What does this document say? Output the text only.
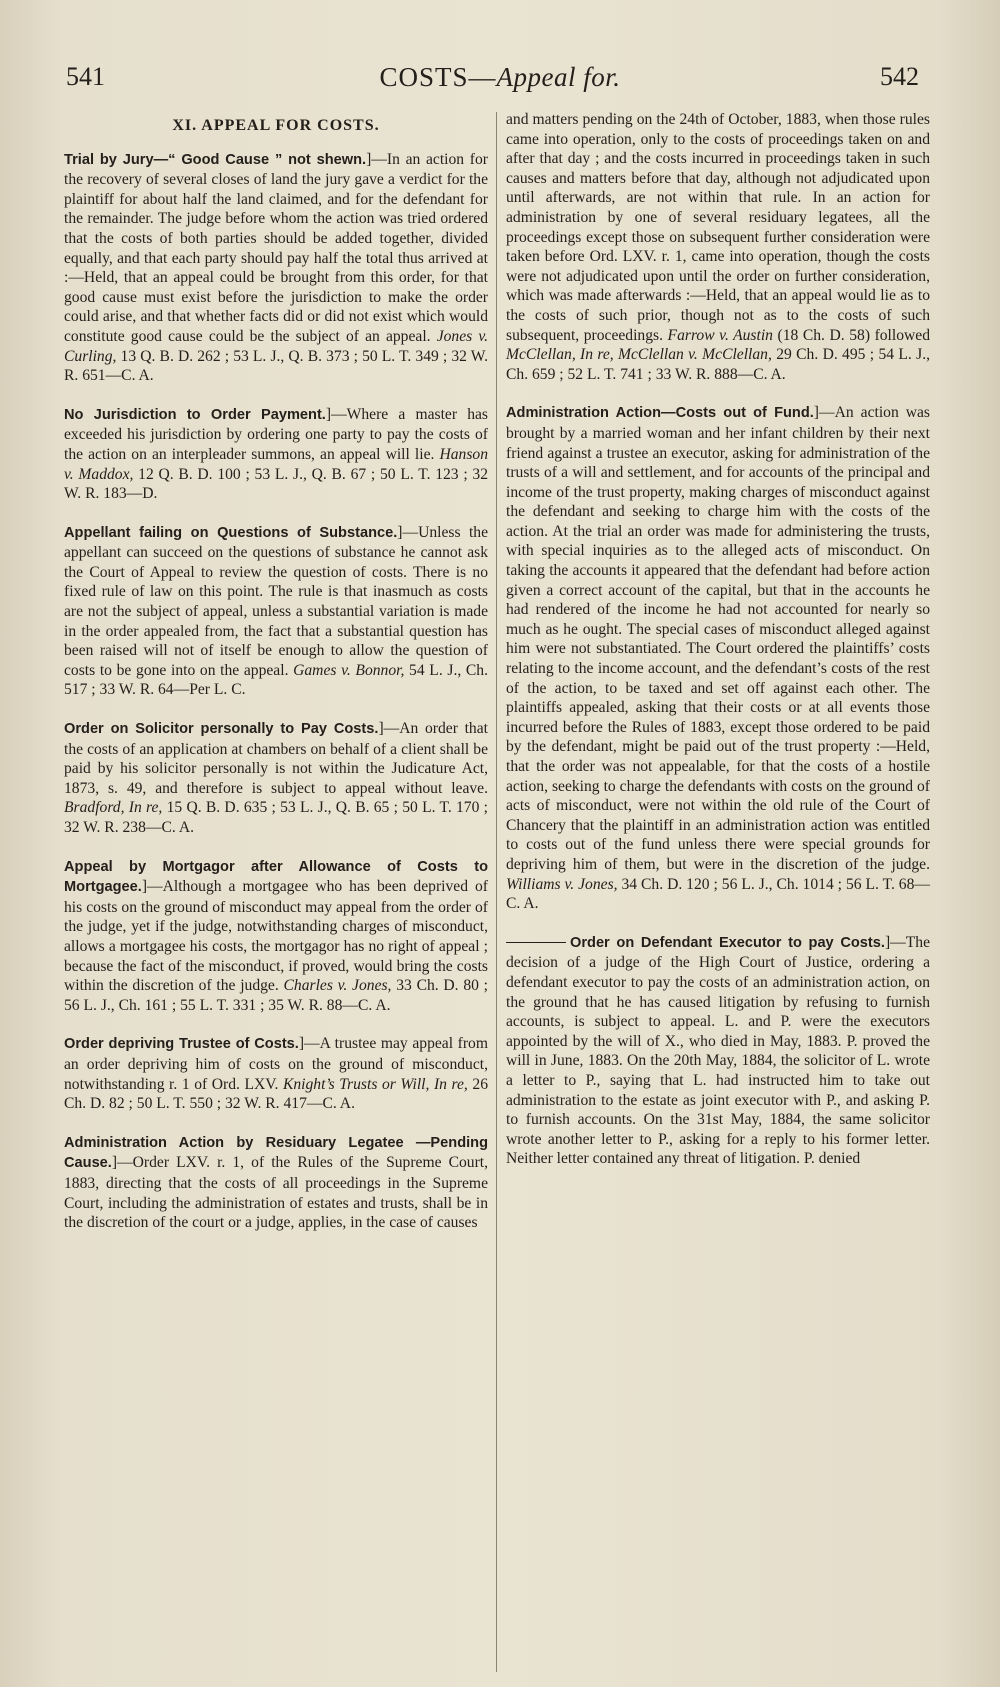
541	COSTS—Appeal for.	542
XI. APPEAL FOR COSTS.
Trial by Jury—“ Good Cause ” not shewn.]—In an action for the recovery of several closes of land the jury gave a verdict for the plaintiff for about half the land claimed, and for the defendant for the remainder. The judge before whom the action was tried ordered that the costs of both parties should be added together, divided equally, and that each party should pay half the total thus arrived at :—Held, that an appeal could be brought from this order, for that good cause must exist before the jurisdiction to make the order could arise, and that whether facts did or did not exist which would constitute good cause could be the subject of an appeal. Jones v. Curling, 13 Q. B. D. 262 ; 53 L. J., Q. B. 373 ; 50 L. T. 349 ; 32 W. R. 651—C. A.
No Jurisdiction to Order Payment.]—Where a master has exceeded his jurisdiction by ordering one party to pay the costs of the action on an interpleader summons, an appeal will lie. Hanson v. Maddox, 12 Q. B. D. 100 ; 53 L. J., Q. B. 67 ; 50 L. T. 123 ; 32 W. R. 183—D.
Appellant failing on Questions of Substance.]—Unless the appellant can succeed on the questions of substance he cannot ask the Court of Appeal to review the question of costs. There is no fixed rule of law on this point. The rule is that inasmuch as costs are not the subject of appeal, unless a substantial variation is made in the order appealed from, the fact that a substantial question has been raised will not of itself be enough to allow the question of costs to be gone into on the appeal. Games v. Bonnor, 54 L. J., Ch. 517 ; 33 W. R. 64—Per L. C.
Order on Solicitor personally to Pay Costs.]—An order that the costs of an application at chambers on behalf of a client shall be paid by his solicitor personally is not within the Judicature Act, 1873, s. 49, and therefore is subject to appeal without leave. Bradford, In re, 15 Q. B. D. 635 ; 53 L. J., Q. B. 65 ; 50 L. T. 170 ; 32 W. R. 238—C. A.
Appeal by Mortgagor after Allowance of Costs to Mortgagee.]—Although a mortgagee who has been deprived of his costs on the ground of misconduct may appeal from the order of the judge, yet if the judge, notwithstanding charges of misconduct, allows a mortgagee his costs, the mortgagor has no right of appeal ; because the fact of the misconduct, if proved, would bring the costs within the discretion of the judge. Charles v. Jones, 33 Ch. D. 80 ; 56 L. J., Ch. 161 ; 55 L. T. 331 ; 35 W. R. 88—C. A.
Order depriving Trustee of Costs.]—A trustee may appeal from an order depriving him of costs on the ground of misconduct, notwithstanding r. 1 of Ord. LXV. Knight’s Trusts or Will, In re, 26 Ch. D. 82 ; 50 L. T. 550 ; 32 W. R. 417—C. A.
Administration Action by Residuary Legatee —Pending Cause.]—Order LXV. r. 1, of the Rules of the Supreme Court, 1883, directing that the costs of all proceedings in the Supreme Court, including the administration of estates and trusts, shall be in the discretion of the court or a judge, applies, in the case of causes
and matters pending on the 24th of October, 1883, when those rules came into operation, only to the costs of proceedings taken on and after that day ; and the costs incurred in proceedings taken in such causes and matters before that day, although not adjudicated upon until afterwards, are not within that rule. In an action for administration by one of several residuary legatees, all the proceedings except those on subsequent further consideration were taken before Ord. LXV. r. 1, came into operation, though the costs were not adjudicated upon until the order on further consideration, which was made afterwards :—Held, that an appeal would lie as to the costs of such prior, though not as to the costs of such subsequent, proceedings. Farrow v. Austin (18 Ch. D. 58) followed McClellan, In re, McClellan v. McClellan, 29 Ch. D. 495 ; 54 L. J., Ch. 659 ; 52 L. T. 741 ; 33 W. R. 888—C. A.
Administration Action—Costs out of Fund.]—An action was brought by a married woman and her infant children by their next friend against a trustee an executor, asking for administration of the trusts of a will and settlement, and for accounts of the principal and income of the trust property, making charges of misconduct against the defendant and seeking to charge him with the costs of the action. At the trial an order was made for administering the trusts, with special inquiries as to the alleged acts of misconduct. On taking the accounts it appeared that the defendant had before action given a correct account of the capital, but that in the accounts he had rendered of the income he had not accounted for nearly so much as he ought. The special cases of misconduct alleged against him were not substantiated. The Court ordered the plaintiffs’ costs relating to the income account, and the defendant’s costs of the rest of the action, to be taxed and set off against each other. The plaintiffs appealed, asking that their costs or at all events those incurred before the Rules of 1883, except those ordered to be paid by the defendant, might be paid out of the trust property :—Held, that the order was not appealable, for that the costs of a hostile action, seeking to charge the defendants with costs on the ground of acts of misconduct, were not within the old rule of the Court of Chancery that the plaintiff in an administration action was entitled to costs out of the fund unless there were special grounds for depriving him of them, but were in the discretion of the judge. Williams v. Jones, 34 Ch. D. 120 ; 56 L. J., Ch. 1014 ; 56 L. T. 68—C. A.
Order on Defendant Executor to pay Costs.]—The decision of a judge of the High Court of Justice, ordering a defendant executor to pay the costs of an administration action, on the ground that he has caused litigation by refusing to furnish accounts, is subject to appeal. L. and P. were the executors appointed by the will of X., who died in May, 1883. P. proved the will in June, 1883. On the 20th May, 1884, the solicitor of L. wrote a letter to P., saying that L. had instructed him to take out administration to the estate as joint executor with P., and asking P. to furnish accounts. On the 31st May, 1884, the same solicitor wrote another letter to P., asking for a reply to his former letter. Neither letter contained any threat of litigation. P. denied
